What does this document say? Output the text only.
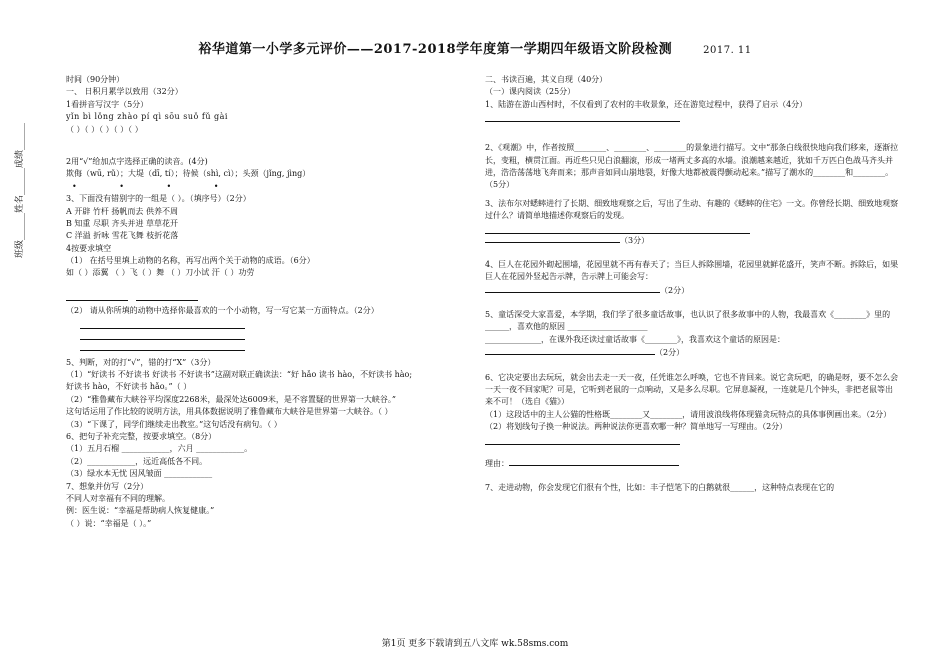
裕华道第一小学多元评价——2017-2018学年度第一学期四年级语文阶段检测	2017. 11
班级______姓名______成绩______

时间（90分钟）

一、 日积月累学以致用（32分）

1看拼音写汉字（5分）

yǐn bì lǒng zhào pí qì sōu suǒ fǔ gài

（ ）（ ）（ ）（ ）（ ）

2用“√”给加点字选择正确的读音。(4分)

欺侮（wū, rǔ）；大堤（dī, tí）；待候（shì, cì）；头颈（jǐng, jìng）

• • • •

3、下面没有错别字的一组是（ ）。（填序号）（2分）

A 开辟 竹杆 扬帆而去 供养不周

B 知重 尽职 齐头并进 草草花开

C 洋溢 折咏 雪花飞舞 枝折花落

4按要求填空

（1） 在括号里填上动物的名称，再写出两个关于动物的成语。（6分）

如（ ）添翼 （ ）飞（ ）舞 （ ）刀小试 汗（ ）功劳

（2） 请从你所填的动物中选择你最喜欢的一个小动物，写一写它某一方面特点。（2分）

5、判断，对的打“√”，错的打“X”（3分）

（1）“好读书 不好读书 好读书 不好读书”这副对联正确读法：“好 hǎo 读书 hào，不好读书 hào;

好读书 hào，不好读书 hǎo。”（ ）

（2）“雅鲁藏布大峡谷平均深度2268米，最深处达6009米，是不容置疑的世界第一大峡谷。”

这句话运用了作比较的说明方法，用具体数据说明了雅鲁藏布大峡谷是世界第一大峡谷。（ ）

（3）“下课了，同学们继续走出教室。”这句话没有病句。（ ）

6、把句子补充完整，按要求填空。（8分）

（1）五月石榴 ____________，六月 ____________。

（2）____________，远近高低各不同。

（3）绿水本无忧 因风皱面 ____________

7、想象并仿写（2分）

不同人对幸福有不同的理解。

例：医生说：“幸福是帮助病人恢复健康。”

（ ）说：“幸福是（ ）。”

二、书读百遍，其义自现（40分）

（一）课内阅读（25分）

1、陆游在游山西村时，不仅看到了农村的丰收景象，还在游览过程中，获得了启示（4分）

2、《观潮》中，作者按照________、________、________的景象进行描写。文中“那条白线很快地向我们移来，逐渐拉长，变粗，横贯江面。再近些只见白浪翻滚，形成一堵两丈多高的水墙。浪潮越来越近，犹如千万匹白色战马齐头并进，浩浩荡荡地飞奔而来；那声音如同山崩地裂，好像大地都被震得颤动起来。”描写了潮水的________和________。（5分）

3、法布尔对蟋蟀进行了长期、细致地观察之后，写出了生动、有趣的《蟋蟀的住宅》一文。你曾经长期、细致地观察过什么？请简单地描述你观察后的发现。

（3分）

4、巨人在花园外砌起围墙，花园里就不再有春天了；当巨人拆除围墙，花园里就鲜花盛开，笑声不断。拆除后，如果巨人在花园外竖起告示牌，告示牌上可能会写：

（2分）

5、童话深受大家喜爱，本学期，我们学了很多童话故事，也认识了很多故事中的人物，我最喜欢《________》里的______，喜欢他的原因 ____________________

______________，在课外我还读过童话故事《________》，我喜欢这个童话的原因是：

（2分）

6、它决定要出去玩玩，就会出去走一天一夜，任凭谁怎么呼唤，它也不肯回来。说它贪玩吧，的确是呀，要不怎么会一天一夜不回家呢？可是，它听到老鼠的一点响动，又是多么尽职。它屏息凝视，一连就是几个钟头，非把老鼠等出来不可！（选自《猫》）

（1）这段话中的主人公猫的性格既________又________，请用波浪线将体现猫贪玩特点的具体事例画出来。（2分）

（2）将划线句子换一种说法。两种说法你更喜欢哪一种？简单地写一写理由。（2分）

理由：

7、走进动物，你会发现它们很有个性，比如：丰子恺笔下的白鹅就很______，这种特点表现在它的

第1页 更多下载请到五八文库 wk.58sms.com
